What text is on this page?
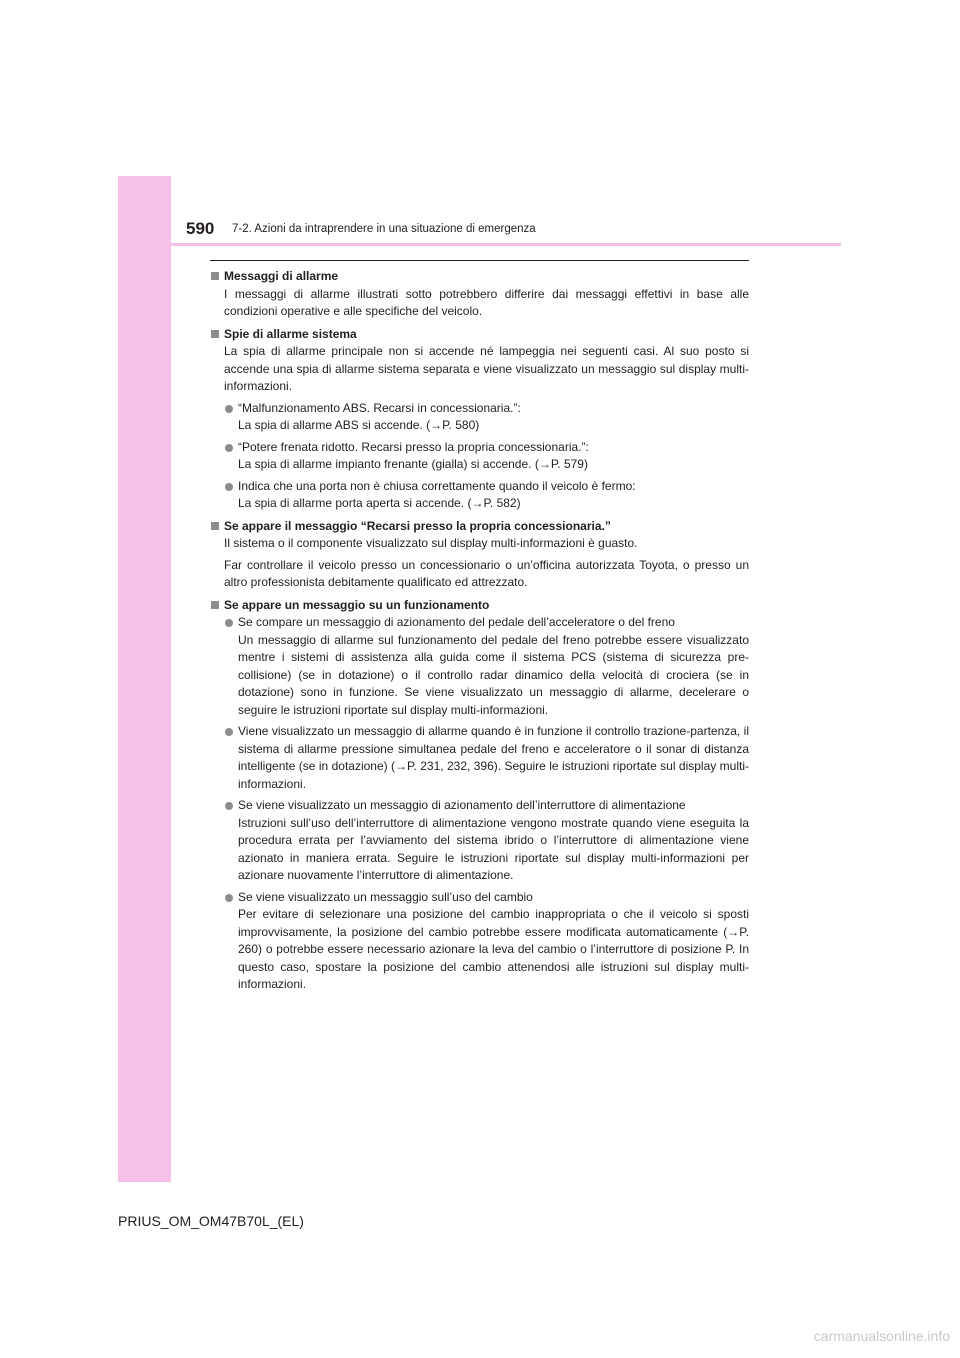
590 7-2. Azioni da intraprendere in una situazione di emergenza
Messaggi di allarme
I messaggi di allarme illustrati sotto potrebbero differire dai messaggi effettivi in base alle condizioni operative e alle specifiche del veicolo.
Spie di allarme sistema
La spia di allarme principale non si accende né lampeggia nei seguenti casi. Al suo posto si accende una spia di allarme sistema separata e viene visualizzato un messaggio sul display multi-informazioni.
“Malfunzionamento ABS. Recarsi in concessionaria.”:
La spia di allarme ABS si accende. (→P. 580)
“Potere frenata ridotto. Recarsi presso la propria concessionaria.”:
La spia di allarme impianto frenante (gialla) si accende. (→P. 579)
Indica che una porta non è chiusa correttamente quando il veicolo è fermo:
La spia di allarme porta aperta si accende. (→P. 582)
Se appare il messaggio “Recarsi presso la propria concessionaria.”
Il sistema o il componente visualizzato sul display multi-informazioni è guasto.
Far controllare il veicolo presso un concessionario o un’officina autorizzata Toyota, o presso un altro professionista debitamente qualificato ed attrezzato.
Se appare un messaggio su un funzionamento
Se compare un messaggio di azionamento del pedale dell’acceleratore o del freno
Un messaggio di allarme sul funzionamento del pedale del freno potrebbe essere visualizzato mentre i sistemi di assistenza alla guida come il sistema PCS (sistema di sicurezza pre-collisione) (se in dotazione) o il controllo radar dinamico della velocità di crociera (se in dotazione) sono in funzione. Se viene visualizzato un messaggio di allarme, decelerare o seguire le istruzioni riportate sul display multi-informazioni.
Viene visualizzato un messaggio di allarme quando è in funzione il controllo trazione-partenza, il sistema di allarme pressione simultanea pedale del freno e acceleratore o il sonar di distanza intelligente (se in dotazione) (→P. 231, 232, 396). Seguire le istruzioni riportate sul display multi-informazioni.
Se viene visualizzato un messaggio di azionamento dell’interruttore di alimentazione
Istruzioni sull’uso dell’interruttore di alimentazione vengono mostrate quando viene eseguita la procedura errata per l’avviamento del sistema ibrido o l’interruttore di alimentazione viene azionato in maniera errata. Seguire le istruzioni riportate sul display multi-informazioni per azionare nuovamente l’interruttore di alimentazione.
Se viene visualizzato un messaggio sull’uso del cambio
Per evitare di selezionare una posizione del cambio inappropriata o che il veicolo si sposti improvvisamente, la posizione del cambio potrebbe essere modificata automaticamente (→P. 260) o potrebbe essere necessario azionare la leva del cambio o l’interruttore di posizione P. In questo caso, spostare la posizione del cambio attenendosi alle istruzioni sul display multi-informazioni.
PRIUS_OM_OM47B70L_(EL)
carmanualsonline.info
